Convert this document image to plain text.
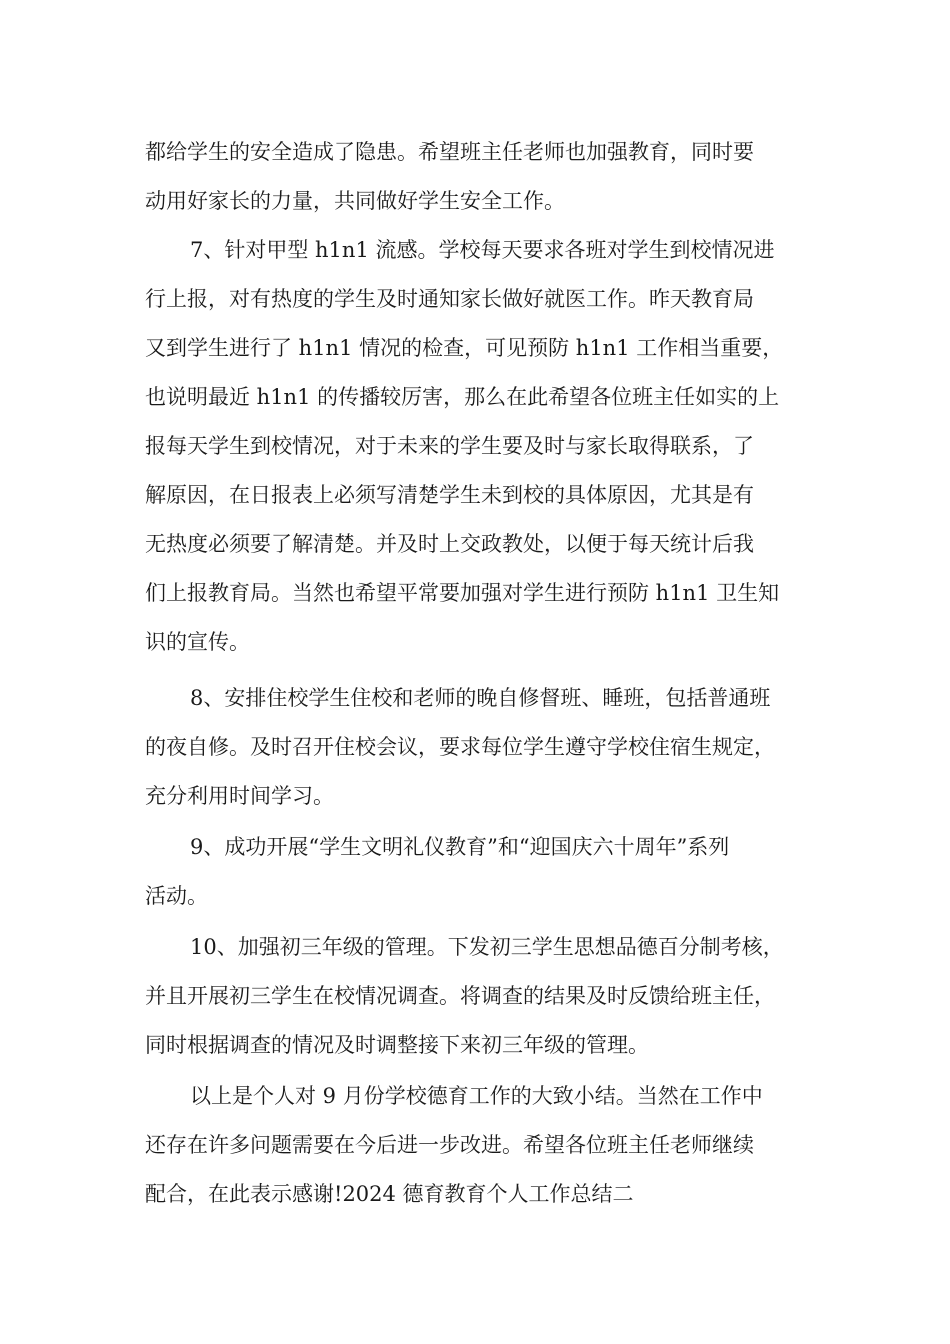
都给学生的安全造成了隐患。希望班主任老师也加强教育，同时要
动用好家长的力量，共同做好学生安全工作。
7、针对甲型 h1n1 流感。学校每天要求各班对学生到校情况进
行上报，对有热度的学生及时通知家长做好就医工作。昨天教育局
又到学生进行了 h1n1 情况的检查，可见预防 h1n1 工作相当重要，
也说明最近 h1n1 的传播较厉害，那么在此希望各位班主任如实的上
报每天学生到校情况，对于未来的学生要及时与家长取得联系，了
解原因，在日报表上必须写清楚学生未到校的具体原因，尤其是有
无热度必须要了解清楚。并及时上交政教处，以便于每天统计后我
们上报教育局。当然也希望平常要加强对学生进行预防 h1n1 卫生知
识的宣传。
8、安排住校学生住校和老师的晚自修督班、睡班，包括普通班
的夜自修。及时召开住校会议，要求每位学生遵守学校住宿生规定，
充分利用时间学习。
9、成功开展“学生文明礼仪教育”和“迎国庆六十周年”系列
活动。
10、加强初三年级的管理。下发初三学生思想品德百分制考核，
并且开展初三学生在校情况调查。将调查的结果及时反馈给班主任，
同时根据调查的情况及时调整接下来初三年级的管理。
以上是个人对 9 月份学校德育工作的大致小结。当然在工作中
还存在许多问题需要在今后进一步改进。希望各位班主任老师继续
配合，在此表示感谢!2024 德育教育个人工作总结二
